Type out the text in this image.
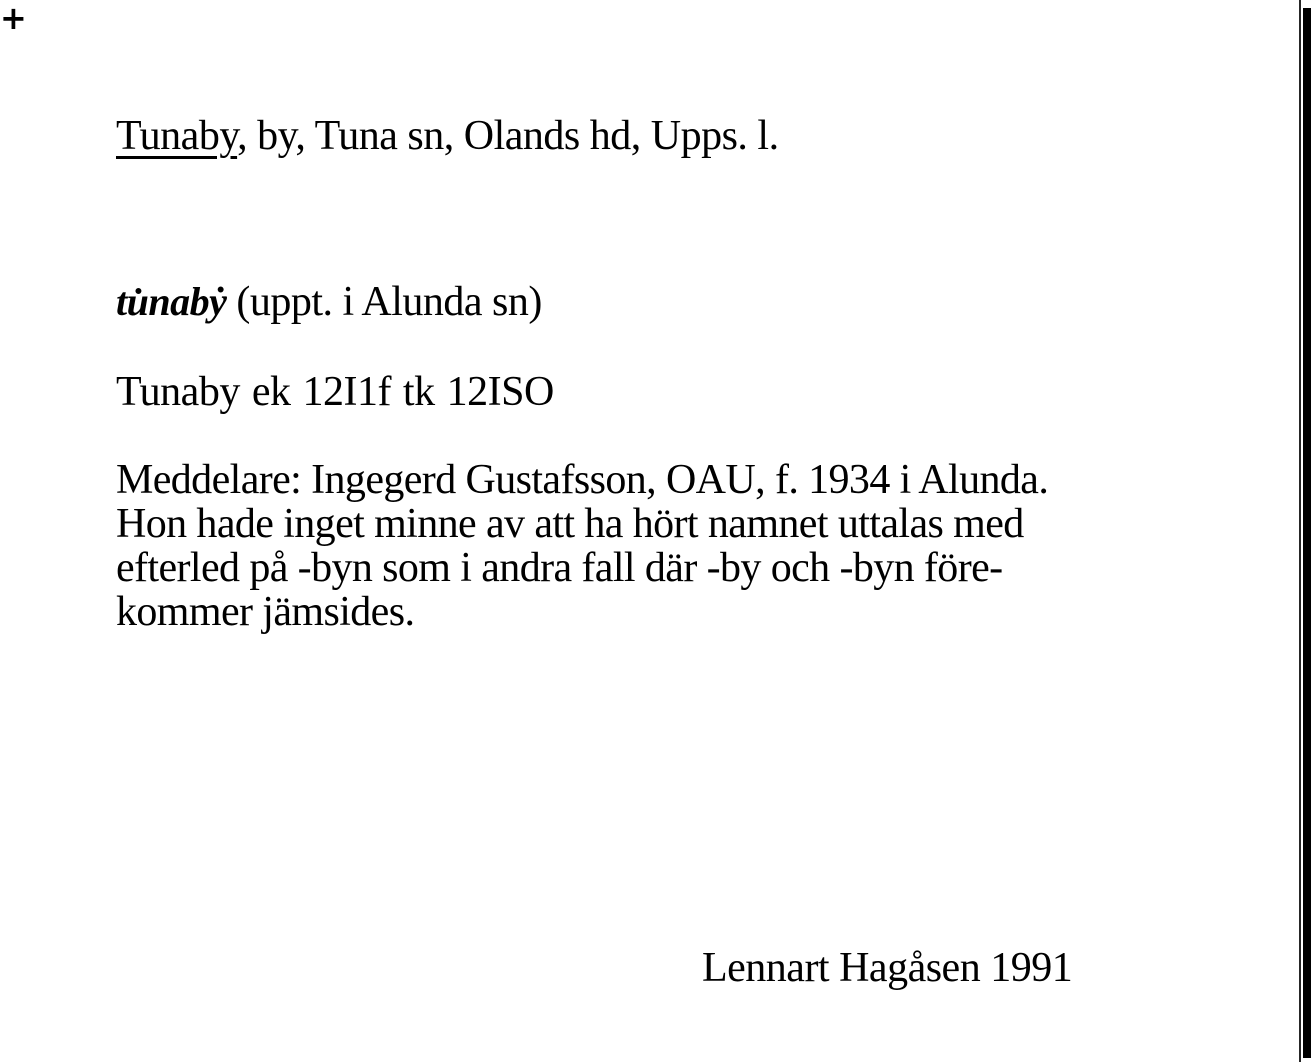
+
Tunaby, by, Tuna sn, Olands hd, Upps. l.
tu̇nabẏ (uppt. i Alunda sn)
Tunaby ek 12I1f tk 12ISO
Meddelare: Ingegerd Gustafsson, OAU, f. 1934 i Alunda.
Hon hade inget minne av att ha hört namnet uttalas med
efterled på -byn som i andra fall där -by och -byn före-
kommer jämsides.
Lennart Hagåsen 1991
